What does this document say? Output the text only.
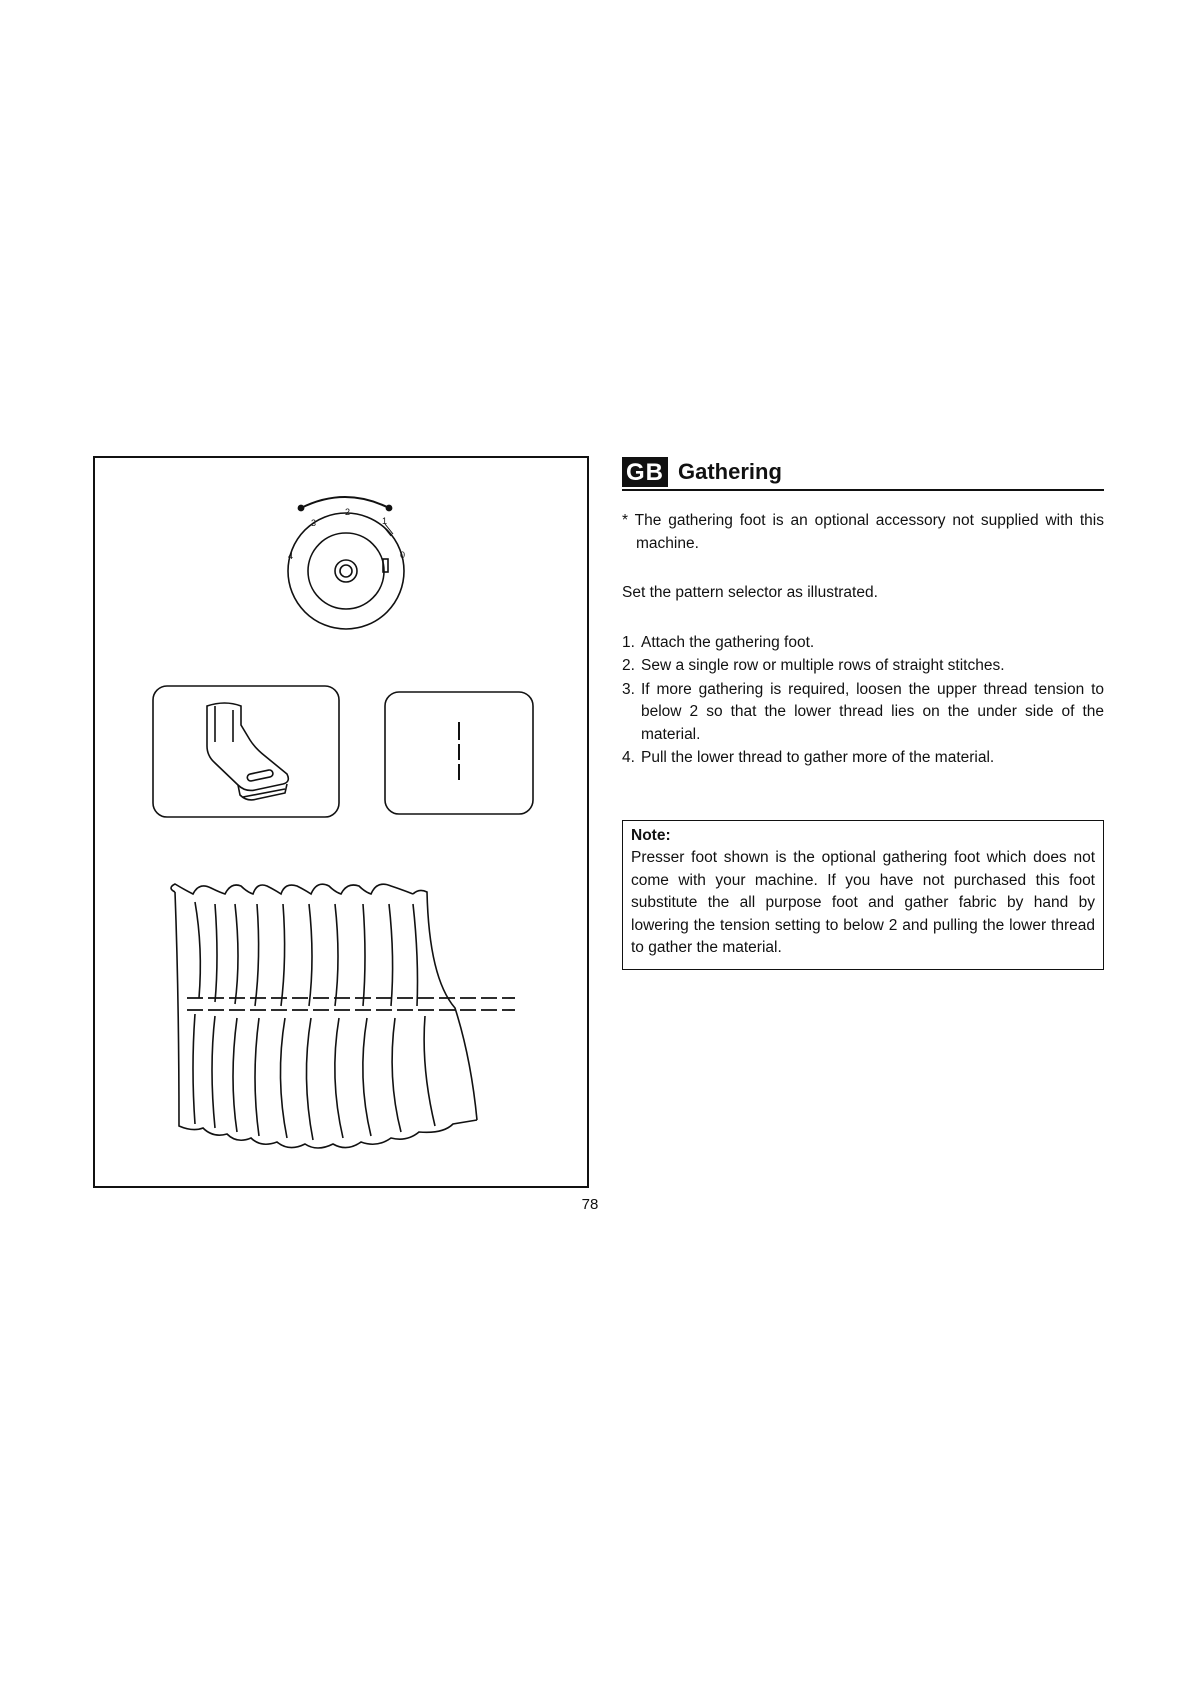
2
3
4
1
0
78
GB Gathering

* The gathering foot is an optional accessory not supplied with this machine.

Set the pattern selector as illustrated.

1. Attach the gathering foot.
2. Sew a single row or multiple rows of straight stitches.
3. If more gathering is required, loosen the upper thread tension to below 2 so that the lower thread lies on the under side of the material.
4. Pull the lower thread to gather more of the material.
Note:

Presser foot shown is the optional gathering foot which does not come with your machine. If you have not purchased this foot substitute the all purpose foot and gather fabric by hand by lowering the tension setting to below 2 and pulling the lower thread to gather the material.
